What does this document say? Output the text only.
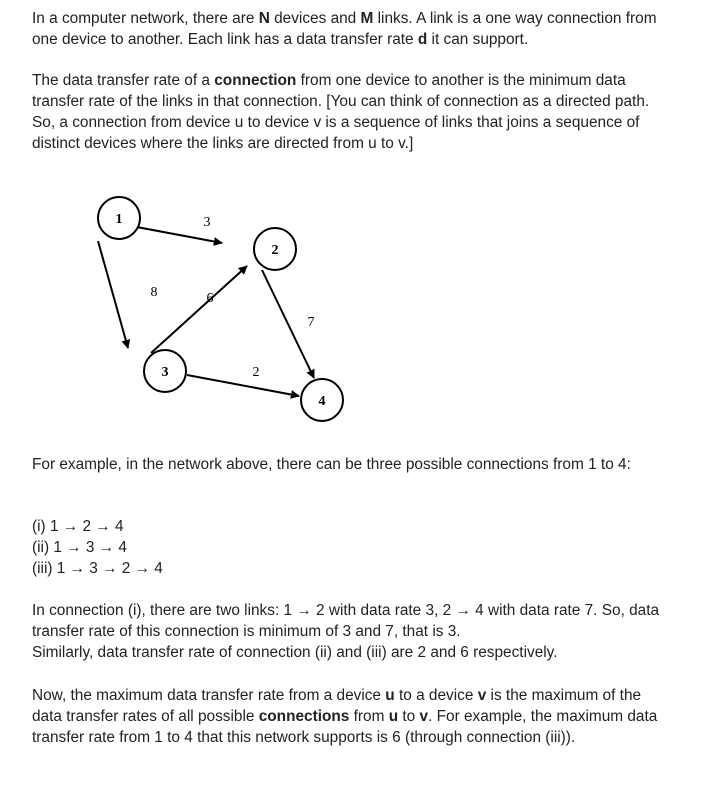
In a computer network, there are N devices and M links. A link is a one way connection from one device to another. Each link has a data transfer rate d it can support.

The data transfer rate of a connection from one device to another is the minimum data transfer rate of the links in that connection. [You can think of connection as a directed path. So, a connection from device u to device v is a sequence of links that joins a sequence of distinct devices where the links are directed from u to v.]

For example, in the network above, there can be three possible connections from 1 to 4:

(i) 1 → 2 → 4
(ii) 1 → 3 → 4
(iii) 1 → 3 → 2 → 4

In connection (i), there are two links: 1 → 2 with data rate 3, 2 → 4 with data rate 7. So, data transfer rate of this connection is minimum of 3 and 7, that is 3.
Similarly, data transfer rate of connection (ii) and (iii) are 2 and 6 respectively.

Now, the maximum data transfer rate from a device u to a device v is the maximum of the data transfer rates of all possible connections from u to v. For example, the maximum data transfer rate from 1 to 4 that this network supports is 6 (through connection (iii)).

3
8	6
7
2
1
2
3
4
